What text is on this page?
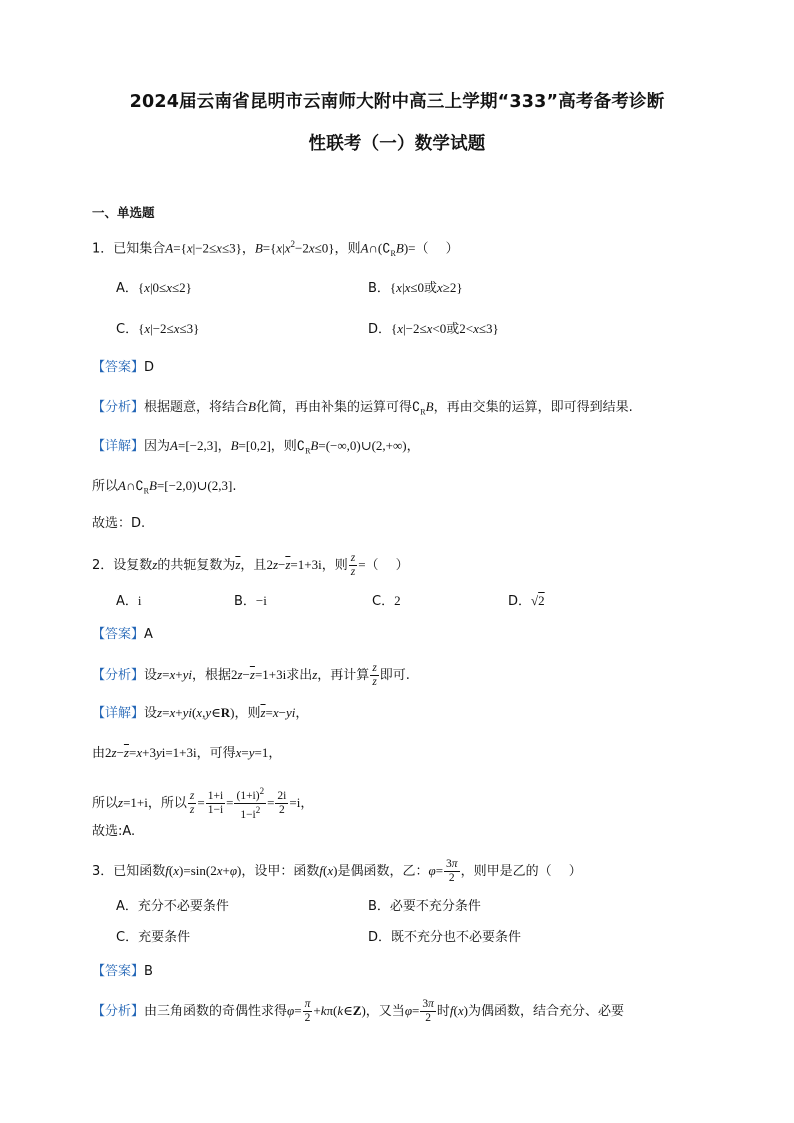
2024届云南省昆明市云南师大附中高三上学期“333”高考备考诊断
性联考（一）数学试题
一、单选题
1．已知集合A={x|−2≤x≤3}，$B=\{x|x^2-2x\le 0\}$，则$A\cap(∁_RB)=$（　 ）
A．{x|0≤x≤2}	B．{x|x≤0或x≥2}
C．{x|−2≤x≤3}	D．{x|−2≤x<0或2<x≤3}
【答案】D
【分析】根据题意，将结合B化简，再由补集的运算可得$∁_RB$，再由交集的运算，即可得到结果.
【详解】因为A=[−2,3]，B=[0,2]，则$∁_RB=(-\infty,0)\cup(2,+\infty)$，
所以$A\cap∁_RB=[-2,0)\cup(2,3]$.
故选：D.
2．设复数z的共轭复数为$\overline{z}$，且$2z-\overline{z}=1+3i$，则 $\frac{z}{z}$ =（　 ）
A．i	B．−i	C．2	D．√2
【答案】A
【分析】设z=x+yi，根据$2z-\overline{z}=1+3i$求出z，再计算 $\frac{z}{z}$ 即可.
【详解】设z=x+yi(x,y∈R)，则$\overline{z}=x-yi$，
由$2z-\overline{z}=x+3yi=1+3i$，可得x=y=1，
所以z=1+i，所以 $\frac{z}{z} = \frac{1+i}{1-i} = \frac{(1+i)^2}{1-i^2} = \frac{2i}{2} =i$，
故选:A.
3．已知函数f(x)=sin(2x+φ)，设甲：函数f(x)是偶函数，乙：$\varphi= \frac{3\pi}{2}$ ，则甲是乙的（　 ）
A．充分不必要条件	B．必要不充分条件
C．充要条件	D．既不充分也不必要条件
【答案】B
【分析】由三角函数的奇偶性求得$\varphi= \frac{\pi}{2}$ +kπ(k∈Z)，又当$\varphi= \frac{3\pi}{2}$ 时f(x)为偶函数，结合充分、必要
